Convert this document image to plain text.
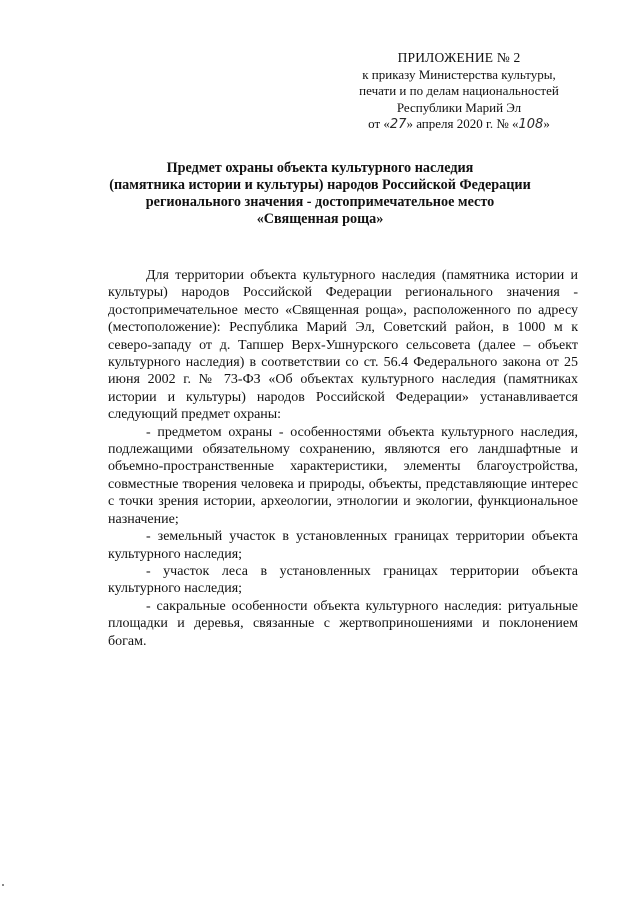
ПРИЛОЖЕНИЕ № 2
к приказу Министерства культуры,
печати и по делам национальностей
Республики Марий Эл
от «27» апреля 2020 г. № «108»
Предмет охраны объекта культурного наследия
(памятника истории и культуры) народов Российской Федерации
регионального значения - достопримечательное место
«Священная роща»

Для территории объекта культурного наследия (памятника истории и культуры) народов Российской Федерации регионального значения - достопримечательное место «Священная роща», расположенного по адресу (местоположение): Республика Марий Эл, Советский район, в 1000 м к северо-западу от д. Тапшер Верх-Ушнурского сельсовета (далее – объект культурного наследия) в соответствии со ст. 56.4 Федерального закона от 25 июня 2002 г. № 73-ФЗ «Об объектах культурного наследия (памятниках истории и культуры) народов Российской Федерации» устанавливается следующий предмет охраны:

- предметом охраны - особенностями объекта культурного наследия, подлежащими обязательному сохранению, являются его ландшафтные и объемно-пространственные характеристики, элементы благоустройства, совместные творения человека и природы, объекты, представляющие интерес с точки зрения истории, археологии, этнологии и экологии, функциональное назначение;
- земельный участок в установленных границах территории объекта культурного наследия;
- участок леса в установленных границах территории объекта культурного наследия;
- сакральные особенности объекта культурного наследия: ритуальные площадки и деревья, связанные с жертвоприношениями и поклонением богам.
